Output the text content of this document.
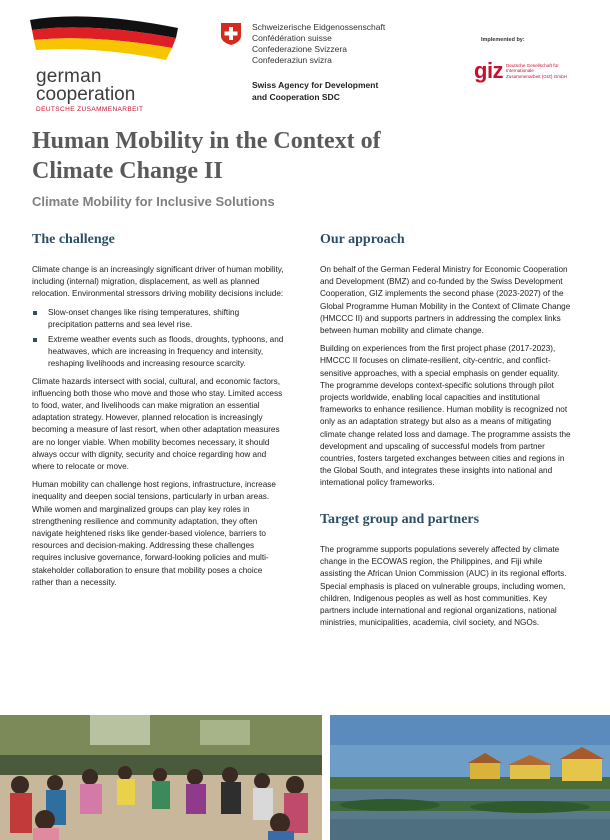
german
cooperation
DEUTSCHE ZUSAMMENARBEIT
Schweizerische Eidgenossenschaft
Confédération suisse
Confederazione Svizzera
Confederaziun svizra
Swiss Agency for Development
and Cooperation SDC
Implemented by:
giz Deutsche Gesellschaft für Internationale Zusammenarbeit (GIZ) GmbH
Human Mobility in the Context of Climate Change II
Climate Mobility for Inclusive Solutions
The challenge

Climate change is an increasingly significant driver of human mobility, including (internal) migration, displacement, as well as planned relocation. Environmental stressors driving mobility decisions include:

Slow-onset changes like rising temperatures, shifting precipitation patterns and sea level rise.
Extreme weather events such as floods, droughts, typhoons, and heatwaves, which are increasing in frequency and intensity, reshaping livelihoods and increasing resource scarcity.

Climate hazards intersect with social, cultural, and economic factors, influencing both those who move and those who stay. Limited access to food, water, and livelihoods can make migration an essential adaptation strategy. However, planned relocation is increasingly becoming a measure of last resort, when other adaptation measures are no longer viable. When mobility becomes necessary, it should always occur with dignity, security and choice regarding how and where to relocate or move.

Human mobility can challenge host regions, infrastructure, increase inequality and deepen social tensions, particularly in urban areas. While women and marginalized groups can play key roles in strengthening resilience and community adaptation, they often navigate heightened risks like gender-based violence, barriers to resources and decision-making. Addressing these challenges requires inclusive governance, forward-looking policies and multi-stakeholder collaboration to ensure that mobility poses a choice rather than a necessity.

Our approach

On behalf of the German Federal Ministry for Economic Cooperation and Development (BMZ) and co-funded by the Swiss Development Cooperation, GIZ implements the second phase (2023-2027) of the Global Programme Human Mobility in the Context of Climate Change (HMCCC II) and supports partners in addressing the complex links between human mobility and climate change.

Building on experiences from the first project phase (2017-2023), HMCCC II focuses on climate-resilient, city-centric, and conflict-sensitive approaches, with a special emphasis on gender equality. The programme develops context-specific solutions through pilot projects worldwide, enabling local capacities and institutional frameworks to enhance resilience. Human mobility is recognized not only as an adaptation strategy but also as a means of mitigating climate change related loss and damage. The programme assists the development and upscaling of successful models from partner countries, fosters targeted exchanges between cities and regions in the Global South, and integrates these insights into national and international policy frameworks.

Target group and partners

The programme supports populations severely affected by climate change in the ECOWAS region, the Philippines, and Fiji while assisting the African Union Commission (AUC) in its regional efforts. Special emphasis is placed on vulnerable groups, including women, children, Indigenous peoples as well as host communities. Key partners include international and regional organizations, national ministries, municipalities, academia, civil society, and NGOs.
